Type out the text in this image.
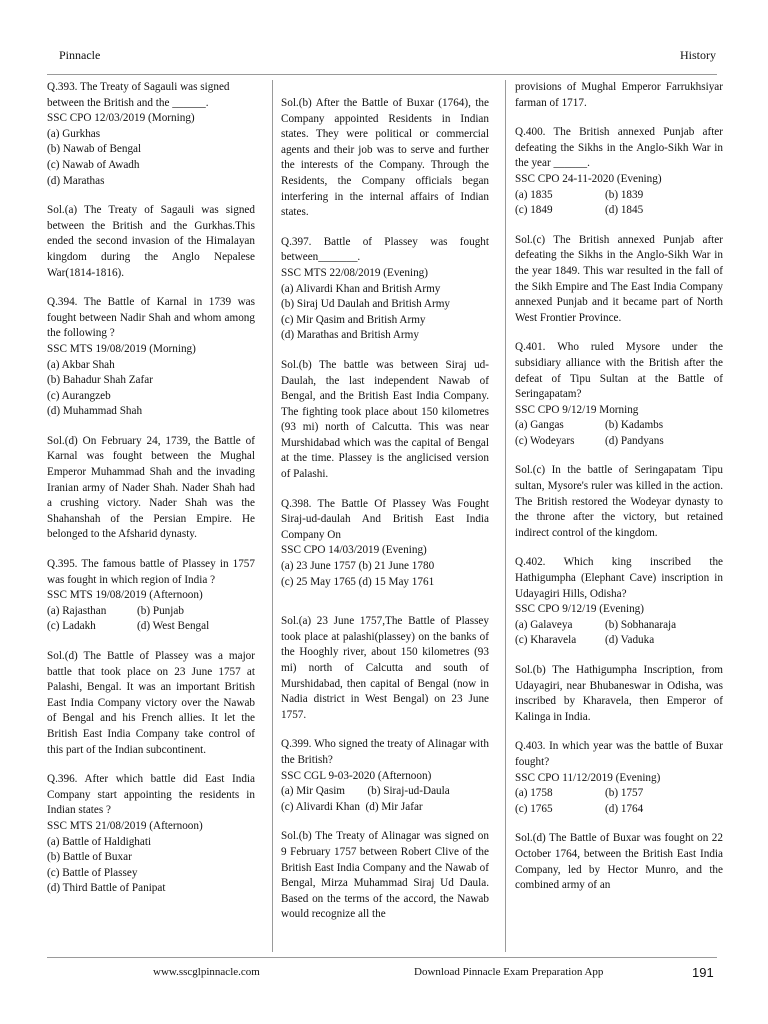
Pinnacle	History
Q.393. The Treaty of Sagauli was signed
between the British and the ______.
SSC CPO 12/03/2019 (Morning)
(a) Gurkhas
(b) Nawab of Bengal
(c) Nawab of Awadh
(d) Marathas

Sol.(a) The Treaty of Sagauli was signed between the British and the Gurkhas.This ended the second invasion of the Himalayan kingdom during the Anglo Nepalese War(1814-1816).

Q.394. The Battle of Karnal in 1739 was fought between Nadir Shah and whom among the following ?
SSC MTS 19/08/2019 (Morning)
(a) Akbar Shah
(b) Bahadur Shah Zafar
(c) Aurangzeb
(d) Muhammad Shah

Sol.(d) On February 24, 1739, the Battle of Karnal was fought between the Mughal Emperor Muhammad Shah and the invading Iranian army of Nader Shah. Nader Shah had a crushing victory. Nader Shah was the Shahanshah of the Persian Empire. He belonged to the Afsharid dynasty.

Q.395. The famous battle of Plassey in 1757 was fought in which region of India ?
SSC MTS 19/08/2019 (Afternoon)
(a) Rajasthan	(b) Punjab
(c) Ladakh	(d) West Bengal

Sol.(d) The Battle of Plassey was a major battle that took place on 23 June 1757 at Palashi, Bengal. It was an important British East India Company victory over the Nawab of Bengal and his French allies. It let the British East India Company take control of this part of the Indian subcontinent.

Q.396. After which battle did East India Company start appointing the residents in Indian states ?
SSC MTS 21/08/2019 (Afternoon)
(a) Battle of Haldighati
(b) Battle of Buxar
(c) Battle of Plassey
(d) Third Battle of Panipat

Sol.(b) After the Battle of Buxar (1764), the Company appointed Residents in Indian states. They were political or commercial agents and their job was to serve and further the interests of the Company. Through the Residents, the Company officials began interfering in the internal affairs of Indian states.

Q.397. Battle of Plassey was fought between_______.
SSC MTS 22/08/2019 (Evening)
(a) Alivardi Khan and British Army
(b) Siraj Ud Daulah and British Army
(c) Mir Qasim and British Army
(d) Marathas and British Army

Sol.(b) The battle was between Siraj ud-Daulah, the last independent Nawab of Bengal, and the British East India Company. The fighting took place about 150 kilometres (93 mi) north of Calcutta. This was near Murshidabad which was the capital of Bengal at the time. Plassey is the anglicised version of Palashi.

Q.398. The Battle Of Plassey Was Fought Siraj-ud-daulah And British East India Company On
SSC CPO 14/03/2019 (Evening)
(a) 23 June 1757 (b) 21 June 1780
(c) 25 May 1765 (d) 15 May 1761

Sol.(a) 23 June 1757,The Battle of Plassey took place at palashi(plassey) on the banks of the Hooghly river, about 150 kilometres (93 mi) north of Calcutta and south of Murshidabad, then capital of Bengal (now in Nadia district in West Bengal) on 23 June 1757.

Q.399. Who signed the treaty of Alinagar with the British?
SSC CGL 9-03-2020 (Afternoon)
(a) Mir Qasim        (b) Siraj-ud-Daula
(c) Alivardi Khan  (d) Mir Jafar

Sol.(b) The Treaty of Alinagar was signed on 9 February 1757 between Robert Clive of the British East India Company and the Nawab of Bengal, Mirza Muhammad Siraj Ud Daula. Based on the terms of the accord, the Nawab would recognize all the

provisions of Mughal Emperor Farrukhsiyar farman of 1717.

Q.400. The British annexed Punjab after defeating the Sikhs in the Anglo-Sikh War in the year ______.
SSC CPO 24-11-2020 (Evening)
(a) 1835	(b) 1839
(c) 1849	(d) 1845

Sol.(c) The British annexed Punjab after defeating the Sikhs in the Anglo-Sikh War in the year 1849. This war resulted in the fall of the Sikh Empire and The East India Company annexed Punjab and it became part of North West Frontier Province.

Q.401. Who ruled Mysore under the subsidiary alliance with the British after the defeat of Tipu Sultan at the Battle of Seringapatam?
SSC CPO 9/12/19 Morning
(a) Gangas	(b) Kadambs
(c) Wodeyars	(d) Pandyans

Sol.(c) In the battle of Seringapatam Tipu sultan, Mysore's ruler was killed in the action. The British restored the Wodeyar dynasty to the throne after the victory, but retained indirect control of the kingdom.

Q.402. Which king inscribed the Hathigumpha (Elephant Cave) inscription in Udayagiri Hills, Odisha?
SSC CPO 9/12/19 (Evening)
(a) Galaveya	(b) Sobhanaraja
(c) Kharavela	(d) Vaduka

Sol.(b) The Hathigumpha Inscription, from Udayagiri, near Bhubaneswar in Odisha, was inscribed by Kharavela, then Emperor of Kalinga in India.

Q.403. In which year was the battle of Buxar fought?
SSC CPO 11/12/2019 (Evening)
(a) 1758	(b) 1757
(c) 1765	(d) 1764

Sol.(d) The Battle of Buxar was fought on 22 October 1764, between the British East India Company, led by Hector Munro, and the combined army of an

www.sscglpinnacle.com	Download Pinnacle Exam Preparation App	191
